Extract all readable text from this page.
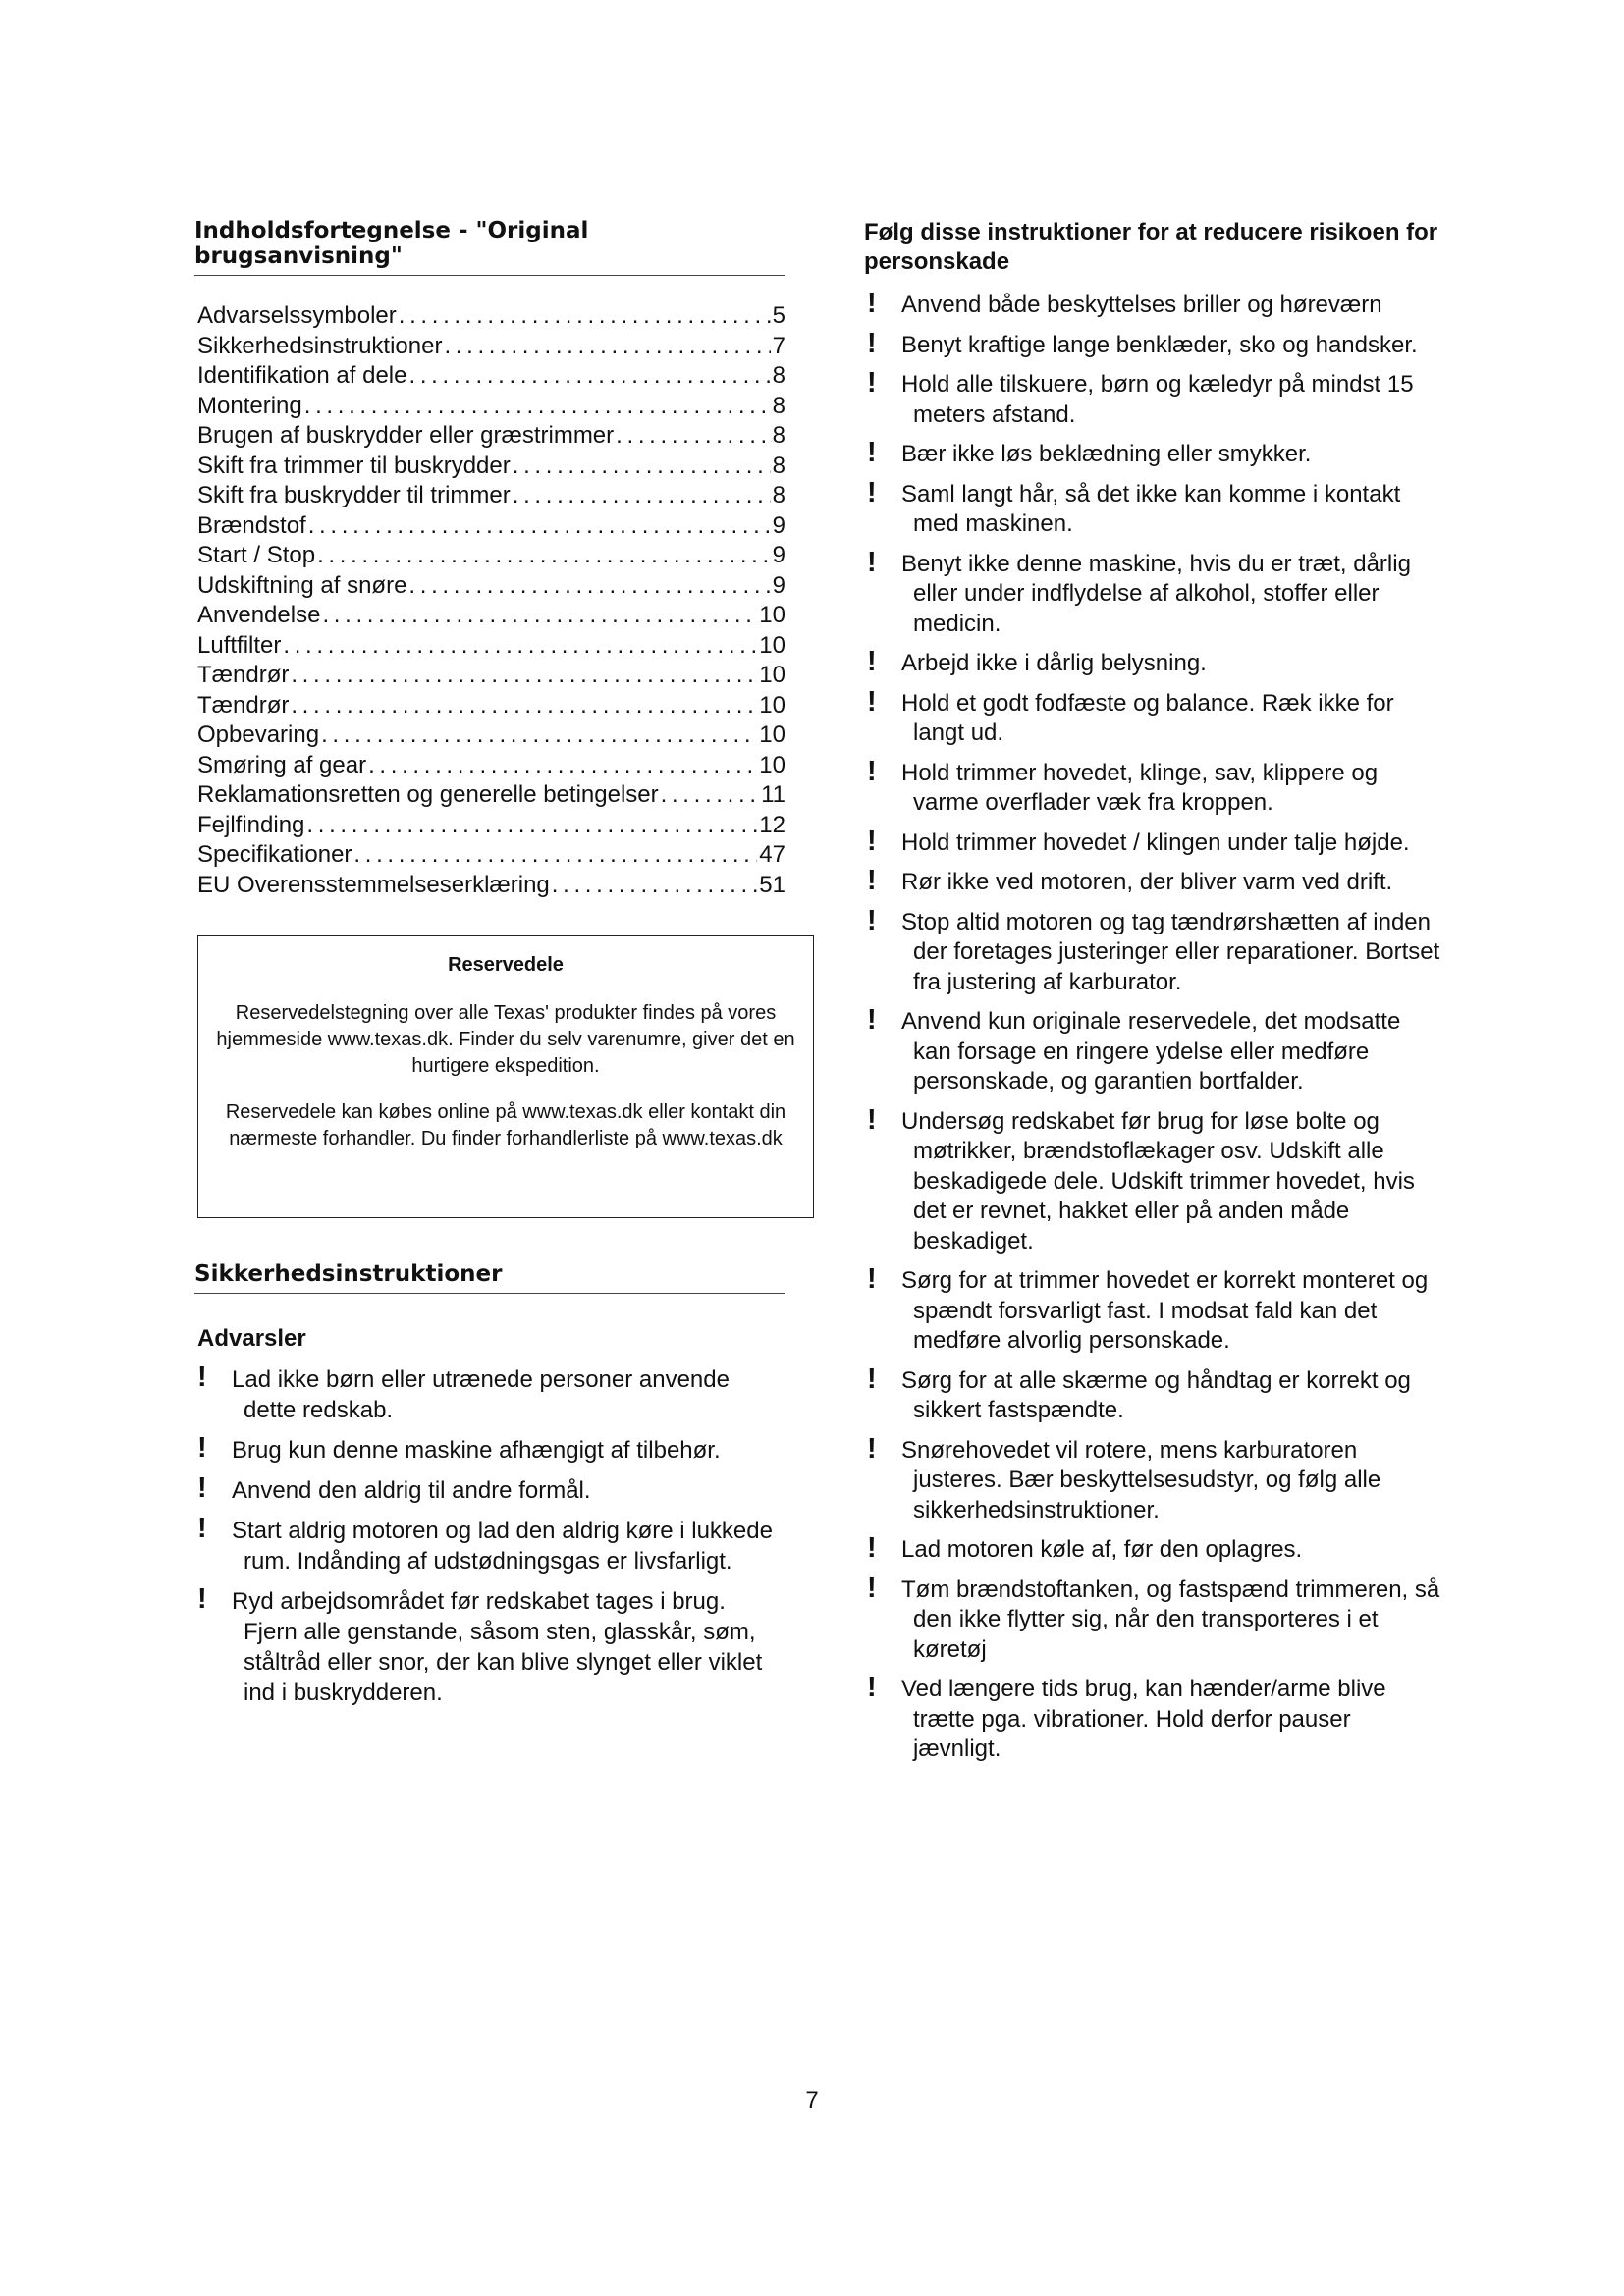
Indholdsfortegnelse - "Original brugsanvisning"
Advarselssymboler . . .	5
Sikkerhedsinstruktioner . . .	7
Identifikation af dele . . .	8
Montering . . .	8
Brugen af buskrydder eller græstrimmer . . .	8
Skift fra trimmer til buskrydder . . .	8
Skift fra buskrydder til trimmer . . .	8
Brændstof . . .	9
Start / Stop . . .	9
Udskiftning af snøre . . .	9
Anvendelse . . .	10
Luftfilter . . .	10
Tændrør . . .	10
Tændrør . . .	10
Opbevaring . . .	10
Smøring af gear . . .	10
Reklamationsretten og generelle betingelser . . .	11
Fejlfinding . . .	12
Specifikationer . . .	47
EU Overensstemmelseserklæring . . .	51
Reservedele

Reservedelstegning over alle Texas' produkter findes på vores hjemmeside www.texas.dk. Finder du selv varenumre, giver det en hurtigere ekspedition.

Reservedele kan købes online på www.texas.dk eller kontakt din nærmeste forhandler. Du finder forhandlerliste på www.texas.dk

Sikkerhedsinstruktioner
Advarsler
! Lad ikke børn eller utrænede personer anvende dette redskab.
! Brug kun denne maskine afhængigt af tilbehør.
! Anvend den aldrig til andre formål.
! Start aldrig motoren og lad den aldrig køre i lukkede rum. Indånding af udstødningsgas er livsfarligt.
! Ryd arbejdsområdet før redskabet tages i brug. Fjern alle genstande, såsom sten, glasskår, søm, ståltråd eller snor, der kan blive slynget eller viklet ind i buskrydderen.
Følg disse instruktioner for at reducere risikoen for personskade
! Anvend både beskyttelses briller og høreværn
! Benyt kraftige lange benklæder, sko og handsker.
! Hold alle tilskuere, børn og kæledyr på mindst 15 meters afstand.
! Bær ikke løs beklædning eller smykker.
! Saml langt hår, så det ikke kan komme i kontakt med maskinen.
! Benyt ikke denne maskine, hvis du er træt, dårlig eller under indflydelse af alkohol, stoffer eller medicin.
! Arbejd ikke i dårlig belysning.
! Hold et godt fodfæste og balance. Ræk ikke for langt ud.
! Hold trimmer hovedet, klinge, sav, klippere og varme overflader væk fra kroppen.
! Hold trimmer hovedet / klingen under talje højde.
! Rør ikke ved motoren, der bliver varm ved drift.
! Stop altid motoren og tag tændrørshætten af inden der foretages justeringer eller reparationer. Bortset fra justering af karburator.
! Anvend kun originale reservedele, det modsatte kan forsage en ringere ydelse eller medføre personskade, og garantien bortfalder.
! Undersøg redskabet før brug for løse bolte og møtrikker, brændstoflækager osv. Udskift alle beskadigede dele. Udskift trimmer hovedet, hvis det er revnet, hakket eller på anden måde beskadiget.
! Sørg for at trimmer hovedet er korrekt monteret og spændt forsvarligt fast. I modsat fald kan det medføre alvorlig personskade.
! Sørg for at alle skærme og håndtag er korrekt og sikkert fastspændte.
! Snørehovedet vil rotere, mens karburatoren justeres. Bær beskyttelsesudstyr, og følg alle sikkerhedsinstruktioner.
! Lad motoren køle af, før den oplagres.
! Tøm brændstoftanken, og fastspænd trimmeren, så den ikke flytter sig, når den transporteres i et køretøj
! Ved længere tids brug, kan hænder/arme blive trætte pga. vibrationer. Hold derfor pauser jævnligt.
7
